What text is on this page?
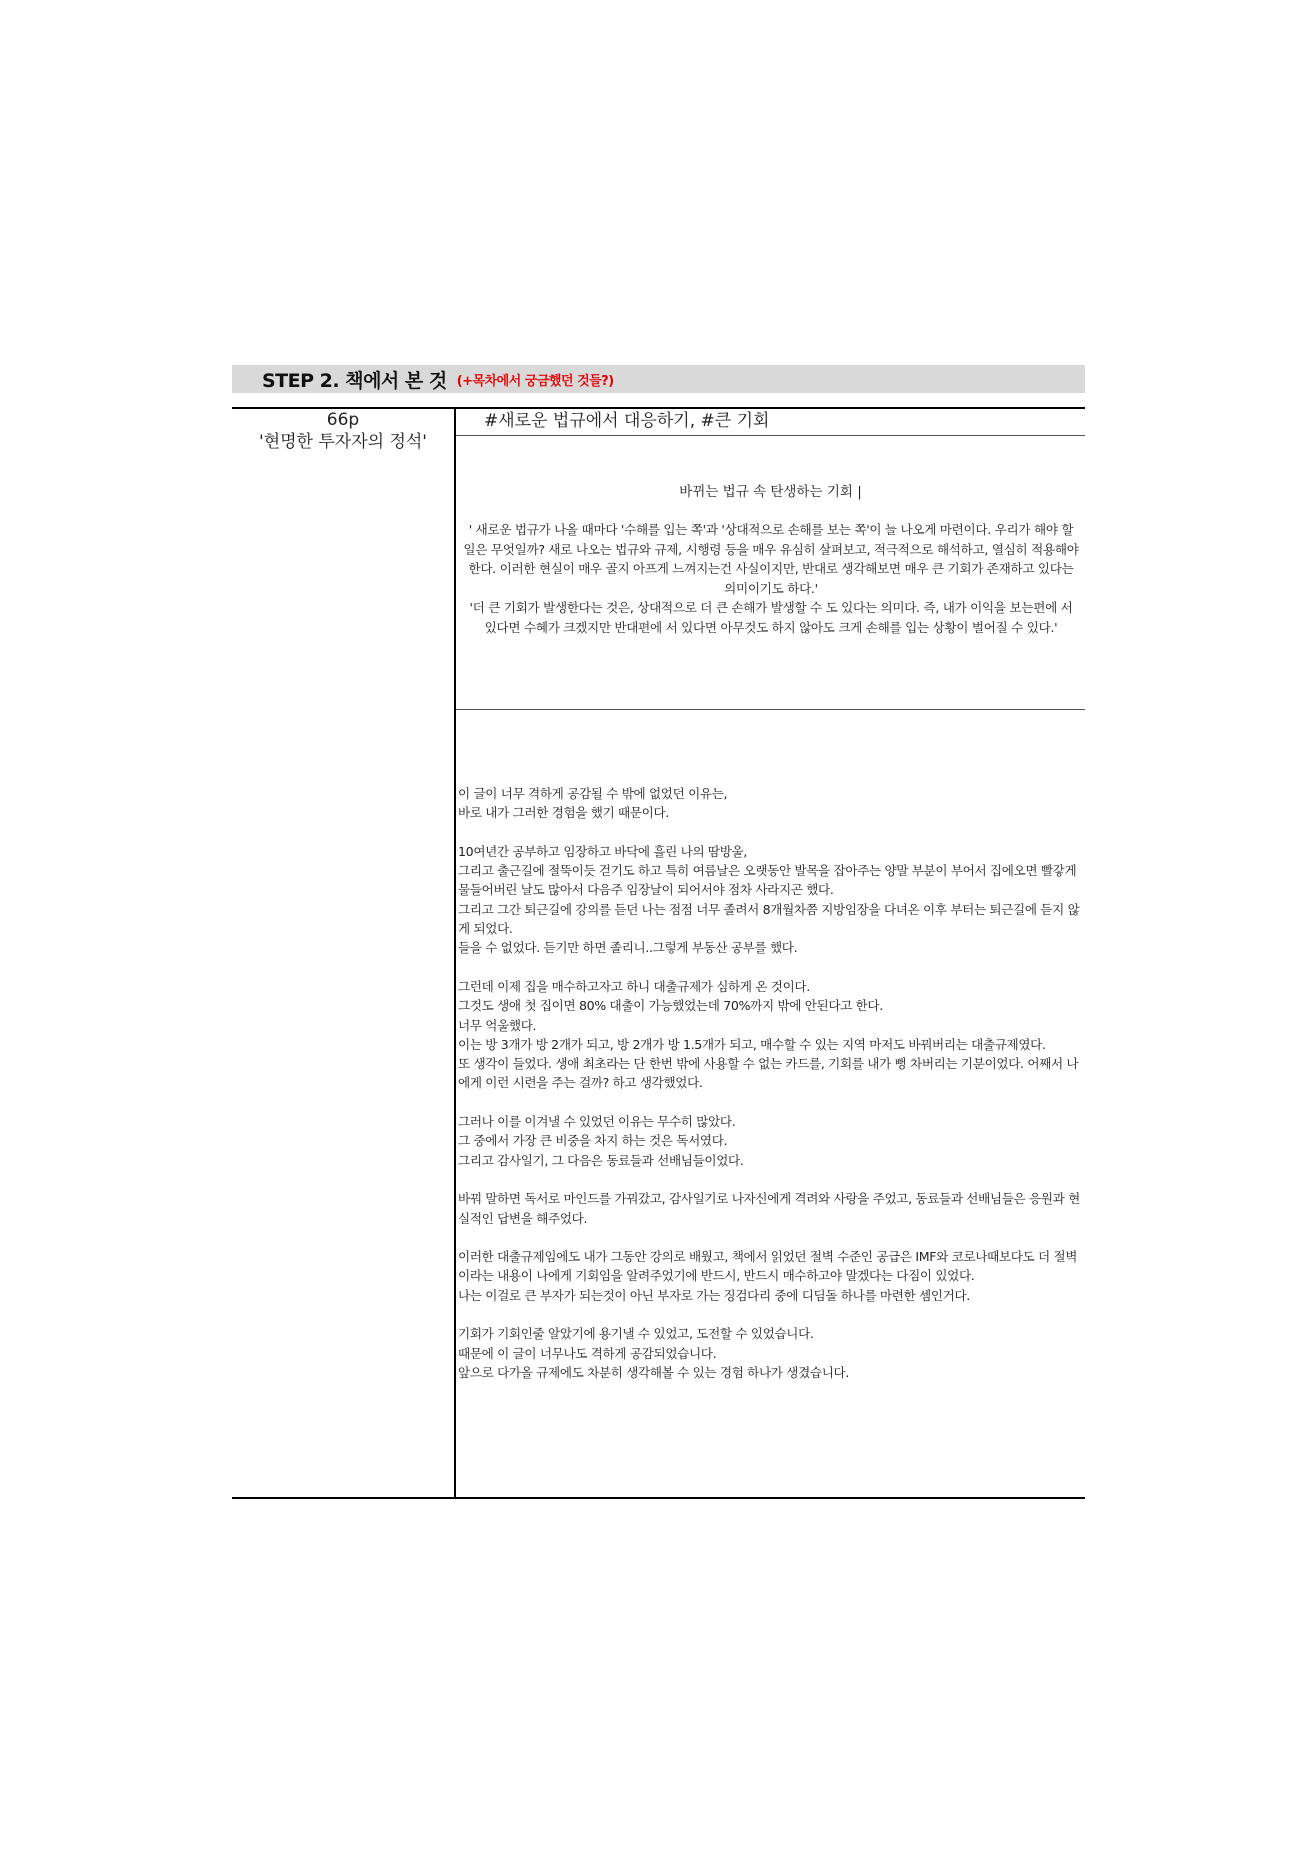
STEP 2. 책에서 본 것 (+목차에서 궁금했던 것들?)
66p
'현명한 투자자의 정석'
#새로운 법규에서 대응하기, #큰 기회
바뀌는 법규 속 탄생하는 기회 |

' 새로운 법규가 나올 때마다 '수해를 입는 쪽'과 '상대적으로 손해를 보는 쪽'이 늘 나오게 마련이다. 우리가 해야 할 일은 무엇일까? 새로 나오는 법규와 규제, 시행령 등을 매우 유심히 살펴보고, 적극적으로 해석하고, 열심히 적용해야 한다. 이러한 현실이 매우 골지 아프게 느껴지는건 사실이지만, 반대로 생각해보면 매우 큰 기회가 존재하고 있다는 의미이기도 하다.'

'더 큰 기회가 발생한다는 것은, 상대적으로 더 큰 손해가 발생할 수 도 있다는 의미다. 즉, 내가 이익을 보는편에 서 있다면 수혜가 크겠지만 반대편에 서 있다면 아무것도 하지 않아도 크게 손해를 입는 상황이 벌어질 수 있다.'

이 글이 너무 격하게 공감될 수 밖에 없었던 이유는,
바로 내가 그러한 경험을 했기 때문이다.
10여년간 공부하고 임장하고 바닥에 흘린 나의 땀방울,
그리고 출근길에 절뚝이듯 걷기도 하고 특히 여름날은 오랫동안 발목을 잡아주는 양말 부분이 부어서 집에오면 빨갛게 물들어버린 날도 많아서 다음주 임장날이 되어서야 점차 사라지곤 했다.
그리고 그간 퇴근길에 강의를 듣던 나는 점점 너무 졸려서 8개월차쯤 지방임장을 다녀온 이후 부터는 퇴근길에 듣지 않게 되었다.
들을 수 없었다. 듣기만 하면 졸리니..그렇게 부동산 공부를 했다.
그런데 이제 집을 매수하고자고 하니 대출규제가 심하게 온 것이다.
그것도 생애 첫 집이면 80% 대출이 가능했었는데 70%까지 밖에 안된다고 한다.
너무 억울했다.
이는 방 3개가 방 2개가 되고, 방 2개가 방 1.5개가 되고, 매수할 수 있는 지역 마저도 바꿔버리는 대출규제였다.
또 생각이 들었다. 생애 최초라는 단 한번 밖에 사용할 수 없는 카드를, 기회를 내가 뻥 차버리는 기분이었다. 어째서 나에게 이런 시련을 주는 걸까? 하고 생각했었다.
그러나 이를 이겨낼 수 있었던 이유는 무수히 많았다.
그 중에서 가장 큰 비중을 차지 하는 것은 독서였다.
그리고 감사일기, 그 다음은 동료들과 선배님들이었다.
바꿔 말하면 독서로 마인드를 가꿔갔고, 감사일기로 나자신에게 격려와 사랑을 주었고, 동료들과 선배님들은 응원과 현실적인 답변을 해주었다.
이러한 대출규제임에도 내가 그동안 강의로 배웠고, 책에서 읽었던 절벽 수준인 공급은 IMF와 코로나때보다도 더 절벽이라는 내용이 나에게 기회임을 알려주었기에 반드시, 반드시 매수하고야 말겠다는 다짐이 있었다.
나는 이걸로 큰 부자가 되는것이 아닌 부자로 가는 징검다리 중에 디딤돌 하나를 마련한 셈인거다.
기회가 기회인줄 알았기에 용기낼 수 있었고, 도전할 수 있었습니다.
때문에 이 글이 너무나도 격하게 공감되었습니다.
앞으로 다가올 규제에도 차분히 생각해볼 수 있는 경험 하나가 생겼습니다.
